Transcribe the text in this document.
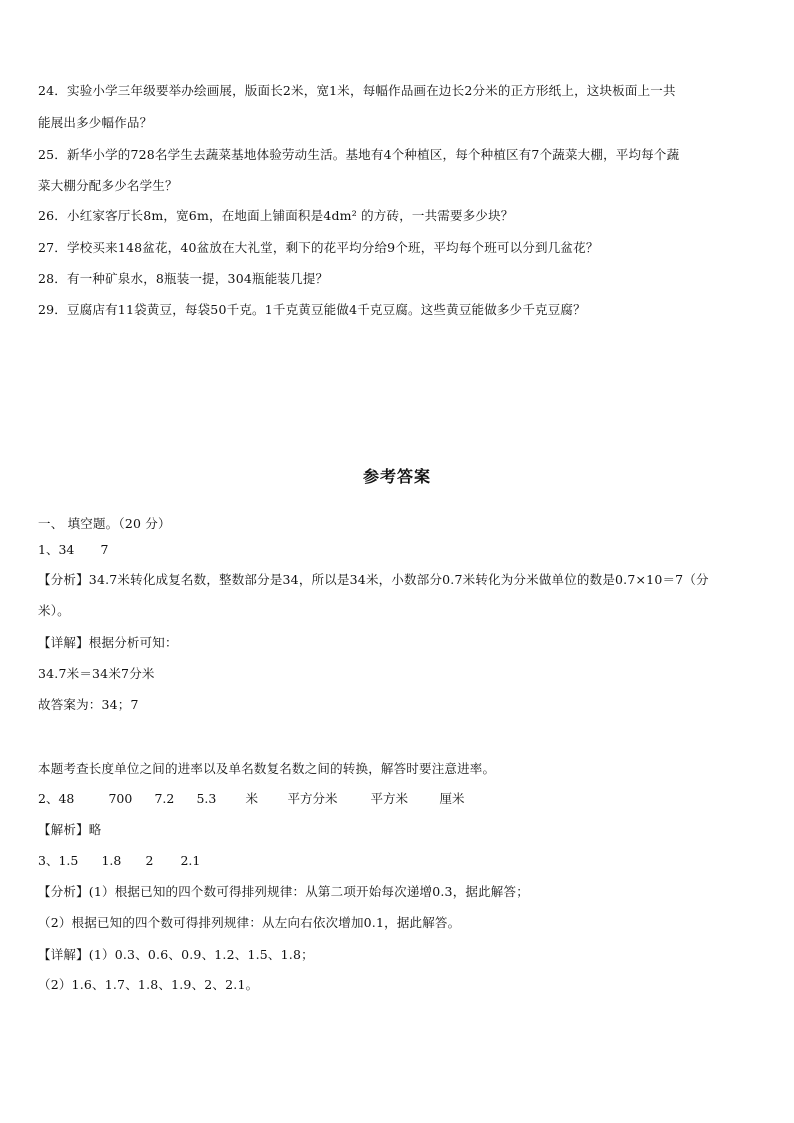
24．实验小学三年级要举办绘画展，版面长2米，宽1米，每幅作品画在边长2分米的正方形纸上，这块板面上一共
能展出多少幅作品？
25．新华小学的728名学生去蔬菜基地体验劳动生活。基地有4个种植区，每个种植区有7个蔬菜大棚，平均每个蔬
菜大棚分配多少名学生？
26．小红家客厅长8m，宽6m，在地面上铺面积是4dm² 的方砖，一共需要多少块？
27．学校买来148盆花，40盆放在大礼堂，剩下的花平均分给9个班，平均每个班可以分到几盆花？
28．有一种矿泉水，8瓶装一提，304瓶能装几提？
29．豆腐店有11袋黄豆，每袋50千克。1千克黄豆能做4千克豆腐。这些黄豆能做多少千克豆腐？
参考答案
一、 填空题。（20 分）
1、34 7
【分析】34.7米转化成复名数，整数部分是34，所以是34米，小数部分0.7米转化为分米做单位的数是0.7×10＝7（分
米）。
【详解】根据分析可知：
34.7米＝34米7分米
故答案为：34；7
本题考查长度单位之间的进率以及单名数复名数之间的转换，解答时要注意进率。
2、48	700 7.2 5.3 米 平方分米	平方米	厘米
【解析】略
3、1.5 1.8 2 2.1
【分析】(1）根据已知的四个数可得排列规律：从第二项开始每次递增0.3，据此解答；
（2）根据已知的四个数可得排列规律：从左向右依次增加0.1，据此解答。
【详解】(1）0.3、0.6、0.9、1.2、1.5、1.8；
（2）1.6、1.7、1.8、1.9、2、2.1。
